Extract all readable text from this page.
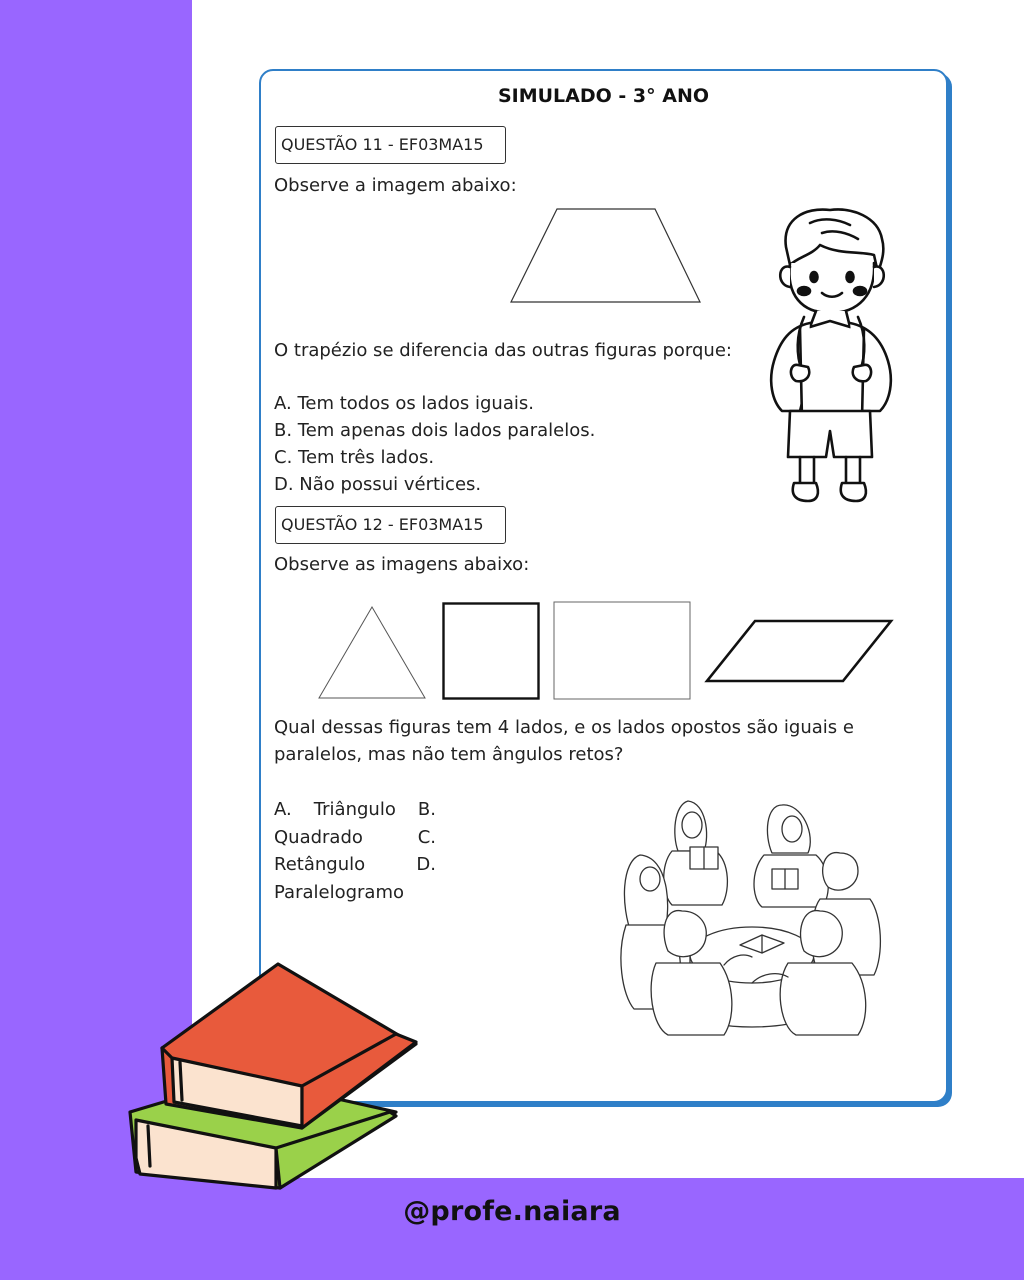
SIMULADO - 3° ANO
QUESTÃO 11 - EF03MA15
Observe a imagem abaixo:
O trapézio se diferencia das outras figuras porque:
A. Tem todos os lados iguais.
B. Tem apenas dois lados paralelos.
C. Tem três lados.
D. Não possui vértices.
QUESTÃO 12 - EF03MA15
Observe as imagens abaixo:
Qual dessas figuras tem 4 lados, e os lados opostos são iguais e
paralelos, mas não tem ângulos retos?
A. Triângulo B.
Quadrado	C.
Retângulo	D.
Paralelogramo
@profe.naiara
